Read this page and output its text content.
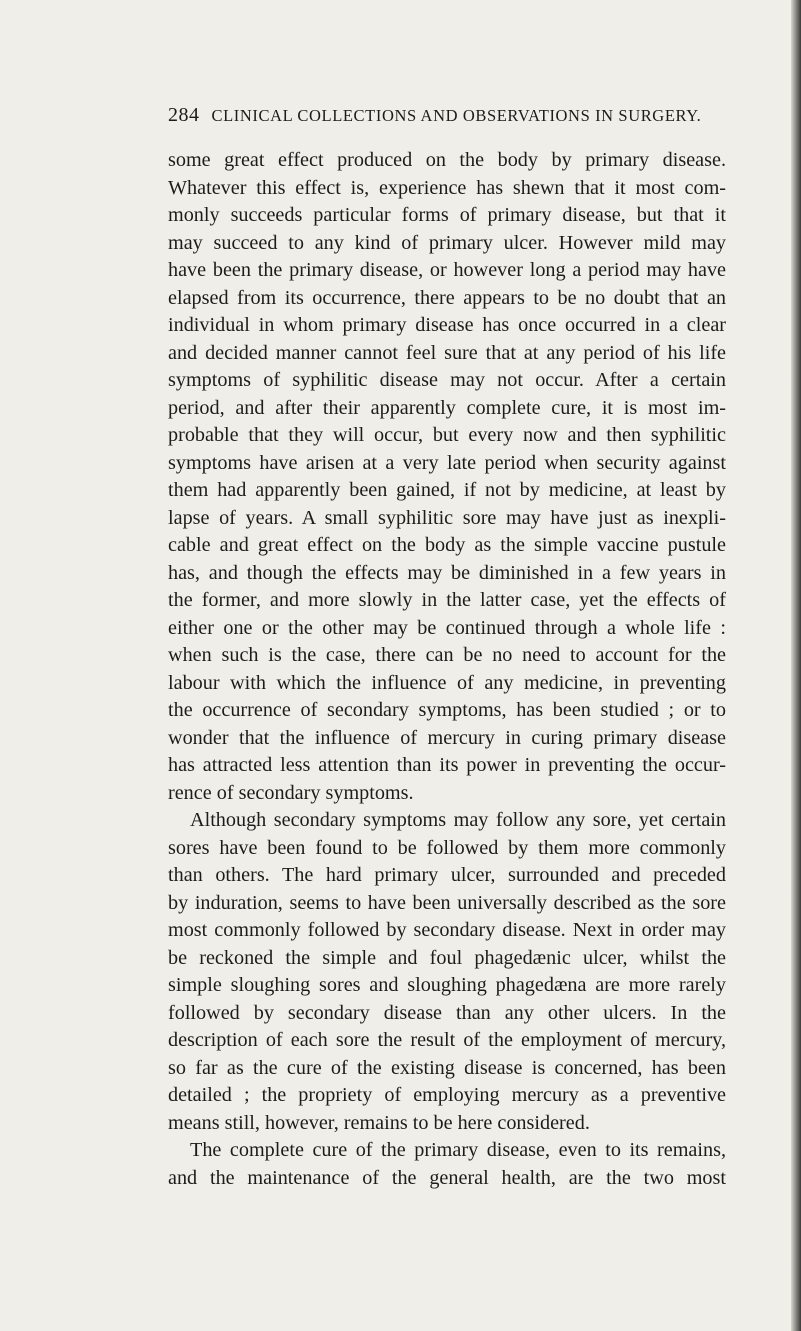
284 CLINICAL COLLECTIONS AND OBSERVATIONS IN SURGERY.
some great effect produced on the body by primary disease.
Whatever this effect is, experience has shewn that it most com-
monly succeeds particular forms of primary disease, but that it
may succeed to any kind of primary ulcer. However mild may
have been the primary disease, or however long a period may have
elapsed from its occurrence, there appears to be no doubt that an
individual in whom primary disease has once occurred in a clear
and decided manner cannot feel sure that at any period of his life
symptoms of syphilitic disease may not occur. After a certain
period, and after their apparently complete cure, it is most im-
probable that they will occur, but every now and then syphilitic
symptoms have arisen at a very late period when security against
them had apparently been gained, if not by medicine, at least by
lapse of years. A small syphilitic sore may have just as inexpli-
cable and great effect on the body as the simple vaccine pustule
has, and though the effects may be diminished in a few years in
the former, and more slowly in the latter case, yet the effects of
either one or the other may be continued through a whole life :
when such is the case, there can be no need to account for the
labour with which the influence of any medicine, in preventing
the occurrence of secondary symptoms, has been studied ; or to
wonder that the influence of mercury in curing primary disease
has attracted less attention than its power in preventing the occur-
rence of secondary symptoms.
Although secondary symptoms may follow any sore, yet certain
sores have been found to be followed by them more commonly
than others. The hard primary ulcer, surrounded and preceded
by induration, seems to have been universally described as the sore
most commonly followed by secondary disease. Next in order may
be reckoned the simple and foul phagedænic ulcer, whilst the
simple sloughing sores and sloughing phagedæna are more rarely
followed by secondary disease than any other ulcers. In the
description of each sore the result of the employment of mercury,
so far as the cure of the existing disease is concerned, has been
detailed ; the propriety of employing mercury as a preventive
means still, however, remains to be here considered.
The complete cure of the primary disease, even to its remains,
and the maintenance of the general health, are the two most
